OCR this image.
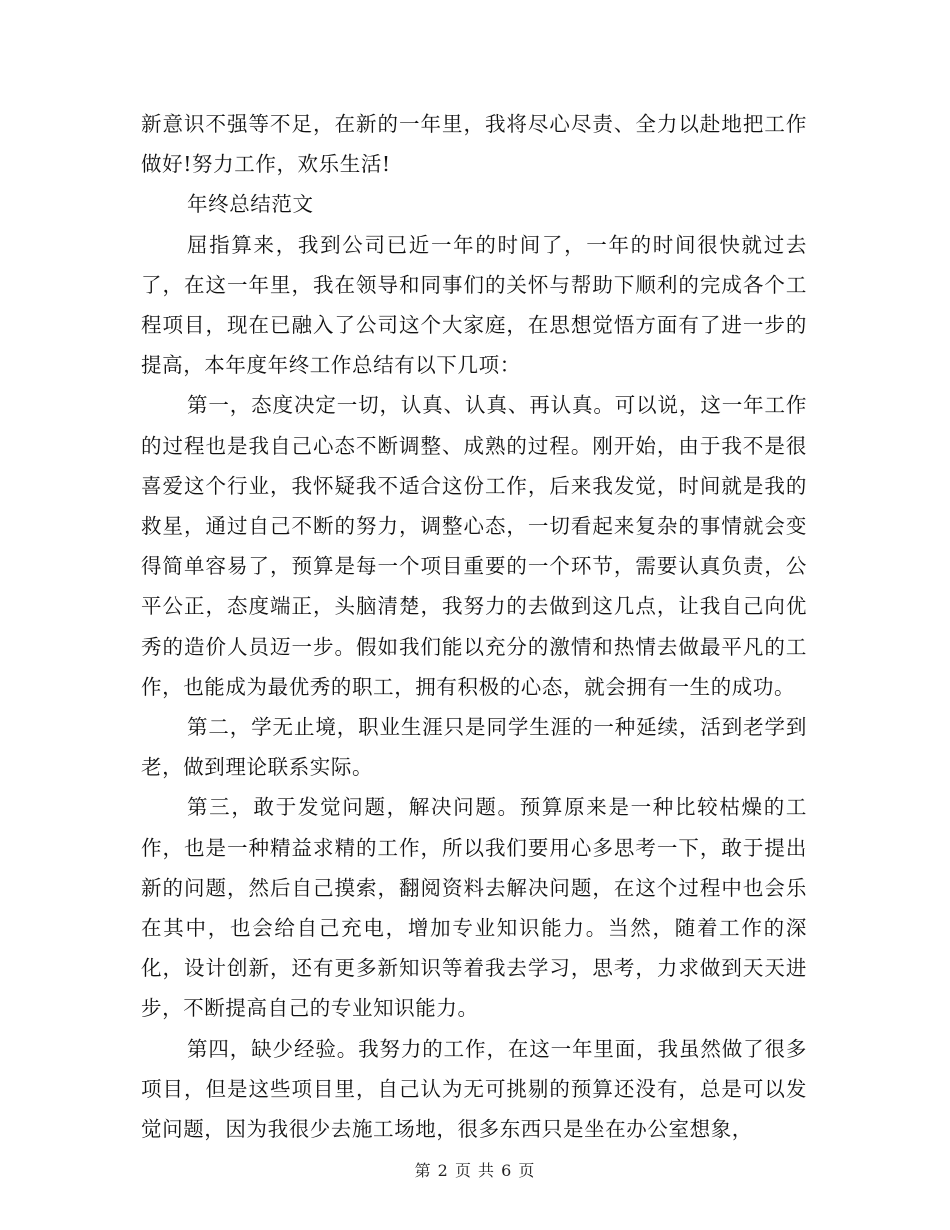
新意识不强等不足，在新的一年里，我将尽心尽责、全力以赴地把工作做好!努力工作，欢乐生活!

年终总结范文

屈指算来，我到公司已近一年的时间了，一年的时间很快就过去了，在这一年里，我在领导和同事们的关怀与帮助下顺利的完成各个工程项目，现在已融入了公司这个大家庭，在思想觉悟方面有了进一步的提高，本年度年终工作总结有以下几项：

第一，态度决定一切，认真、认真、再认真。可以说，这一年工作的过程也是我自己心态不断调整、成熟的过程。刚开始，由于我不是很喜爱这个行业，我怀疑我不适合这份工作，后来我发觉，时间就是我的救星，通过自己不断的努力，调整心态，一切看起来复杂的事情就会变得简单容易了，预算是每一个项目重要的一个环节，需要认真负责，公平公正，态度端正，头脑清楚，我努力的去做到这几点，让我自己向优秀的造价人员迈一步。假如我们能以充分的激情和热情去做最平凡的工作，也能成为最优秀的职工，拥有积极的心态，就会拥有一生的成功。

第二，学无止境，职业生涯只是同学生涯的一种延续，活到老学到老，做到理论联系实际。

第三，敢于发觉问题，解决问题。预算原来是一种比较枯燥的工作，也是一种精益求精的工作，所以我们要用心多思考一下，敢于提出新的问题，然后自己摸索，翻阅资料去解决问题，在这个过程中也会乐在其中，也会给自己充电，增加专业知识能力。当然，随着工作的深化，设计创新，还有更多新知识等着我去学习，思考，力求做到天天进步，不断提高自己的专业知识能力。

第四，缺少经验。我努力的工作，在这一年里面，我虽然做了很多项目，但是这些项目里，自己认为无可挑剔的预算还没有，总是可以发觉问题，因为我很少去施工场地，很多东西只是坐在办公室想象，

第 2 页 共 6 页
